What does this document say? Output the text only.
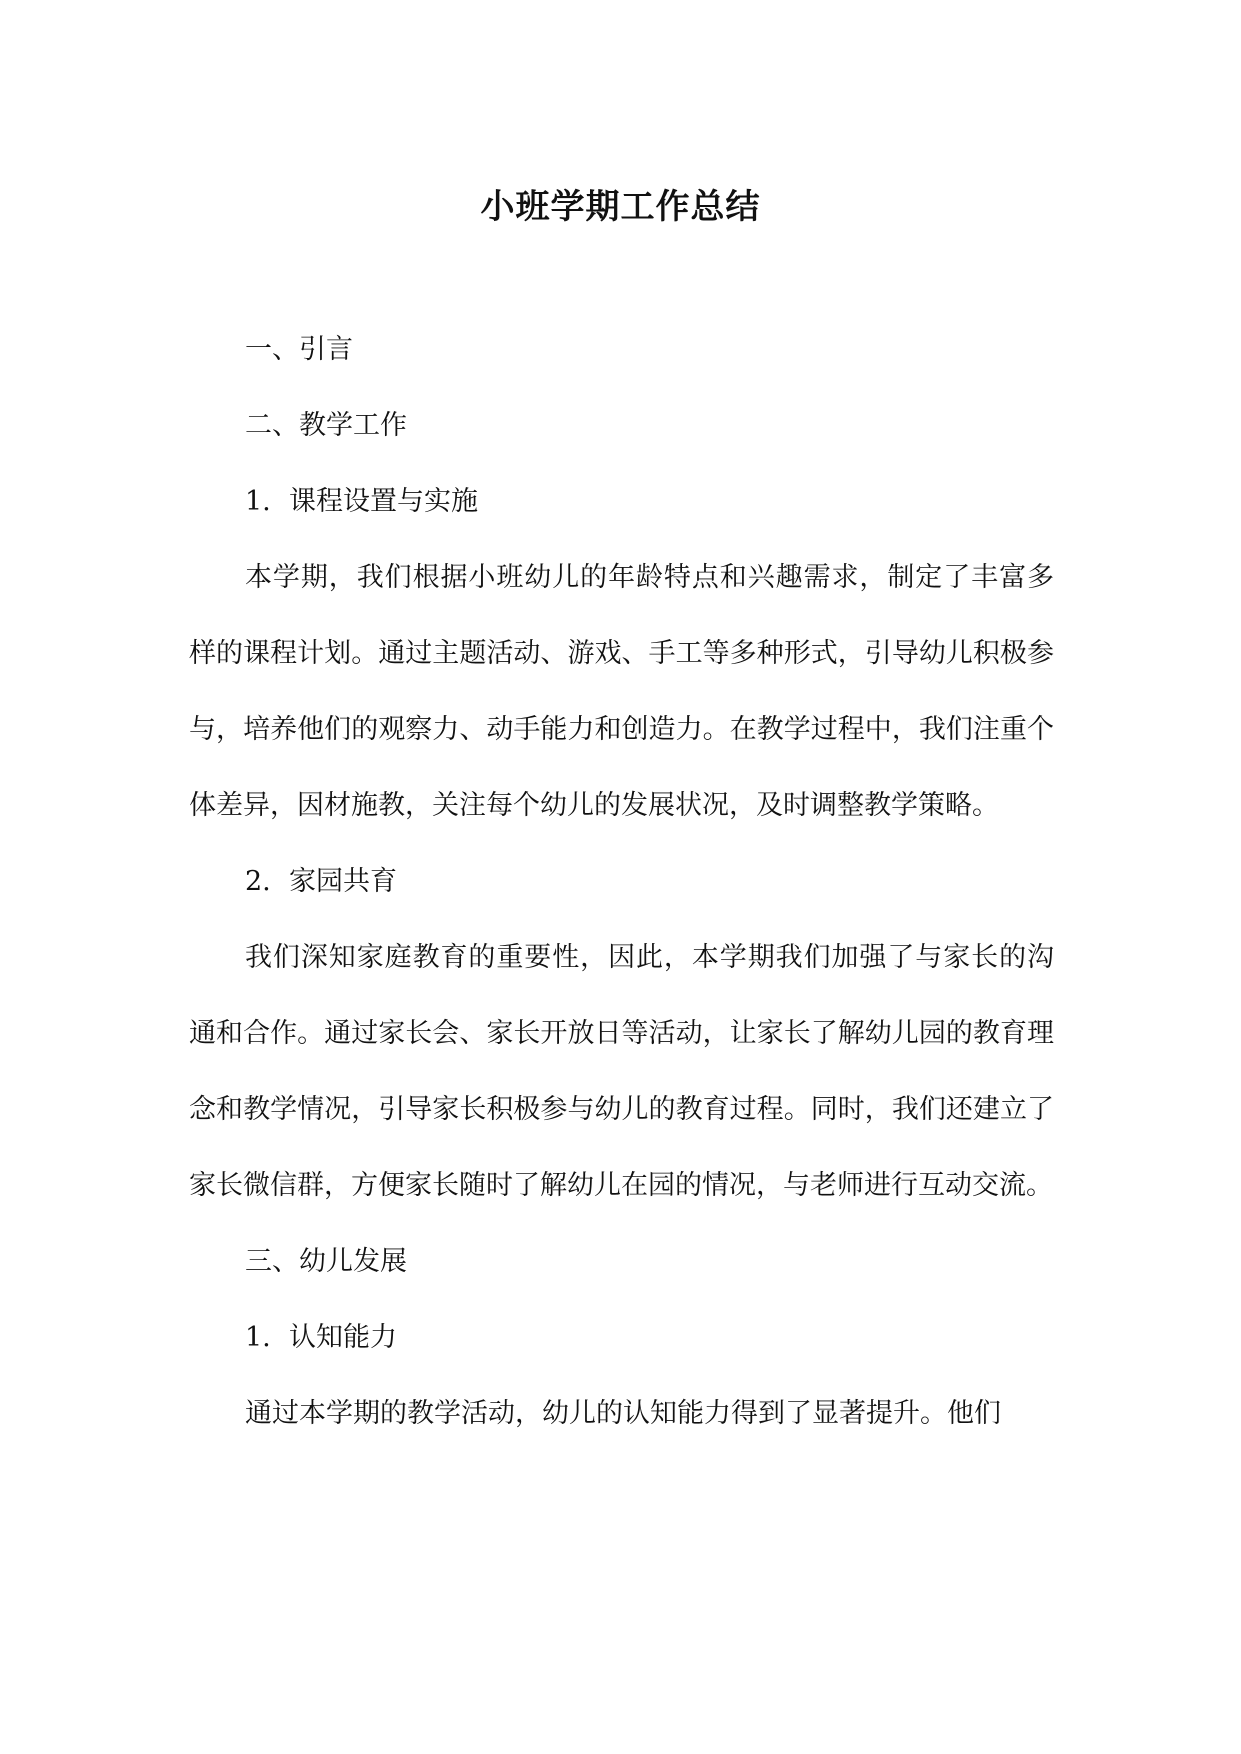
小班学期工作总结

一、引言

二、教学工作

1. 课程设置与实施

本学期，我们根据小班幼儿的年龄特点和兴趣需求，制定了丰富多样的课程计划。通过主题活动、游戏、手工等多种形式，引导幼儿积极参与，培养他们的观察力、动手能力和创造力。在教学过程中，我们注重个体差异，因材施教，关注每个幼儿的发展状况，及时调整教学策略。

2. 家园共育

我们深知家庭教育的重要性，因此，本学期我们加强了与家长的沟通和合作。通过家长会、家长开放日等活动，让家长了解幼儿园的教育理念和教学情况，引导家长积极参与幼儿的教育过程。同时，我们还建立了家长微信群，方便家长随时了解幼儿在园的情况，与老师进行互动交流。

三、幼儿发展

1. 认知能力

通过本学期的教学活动，幼儿的认知能力得到了显著提升。他们
